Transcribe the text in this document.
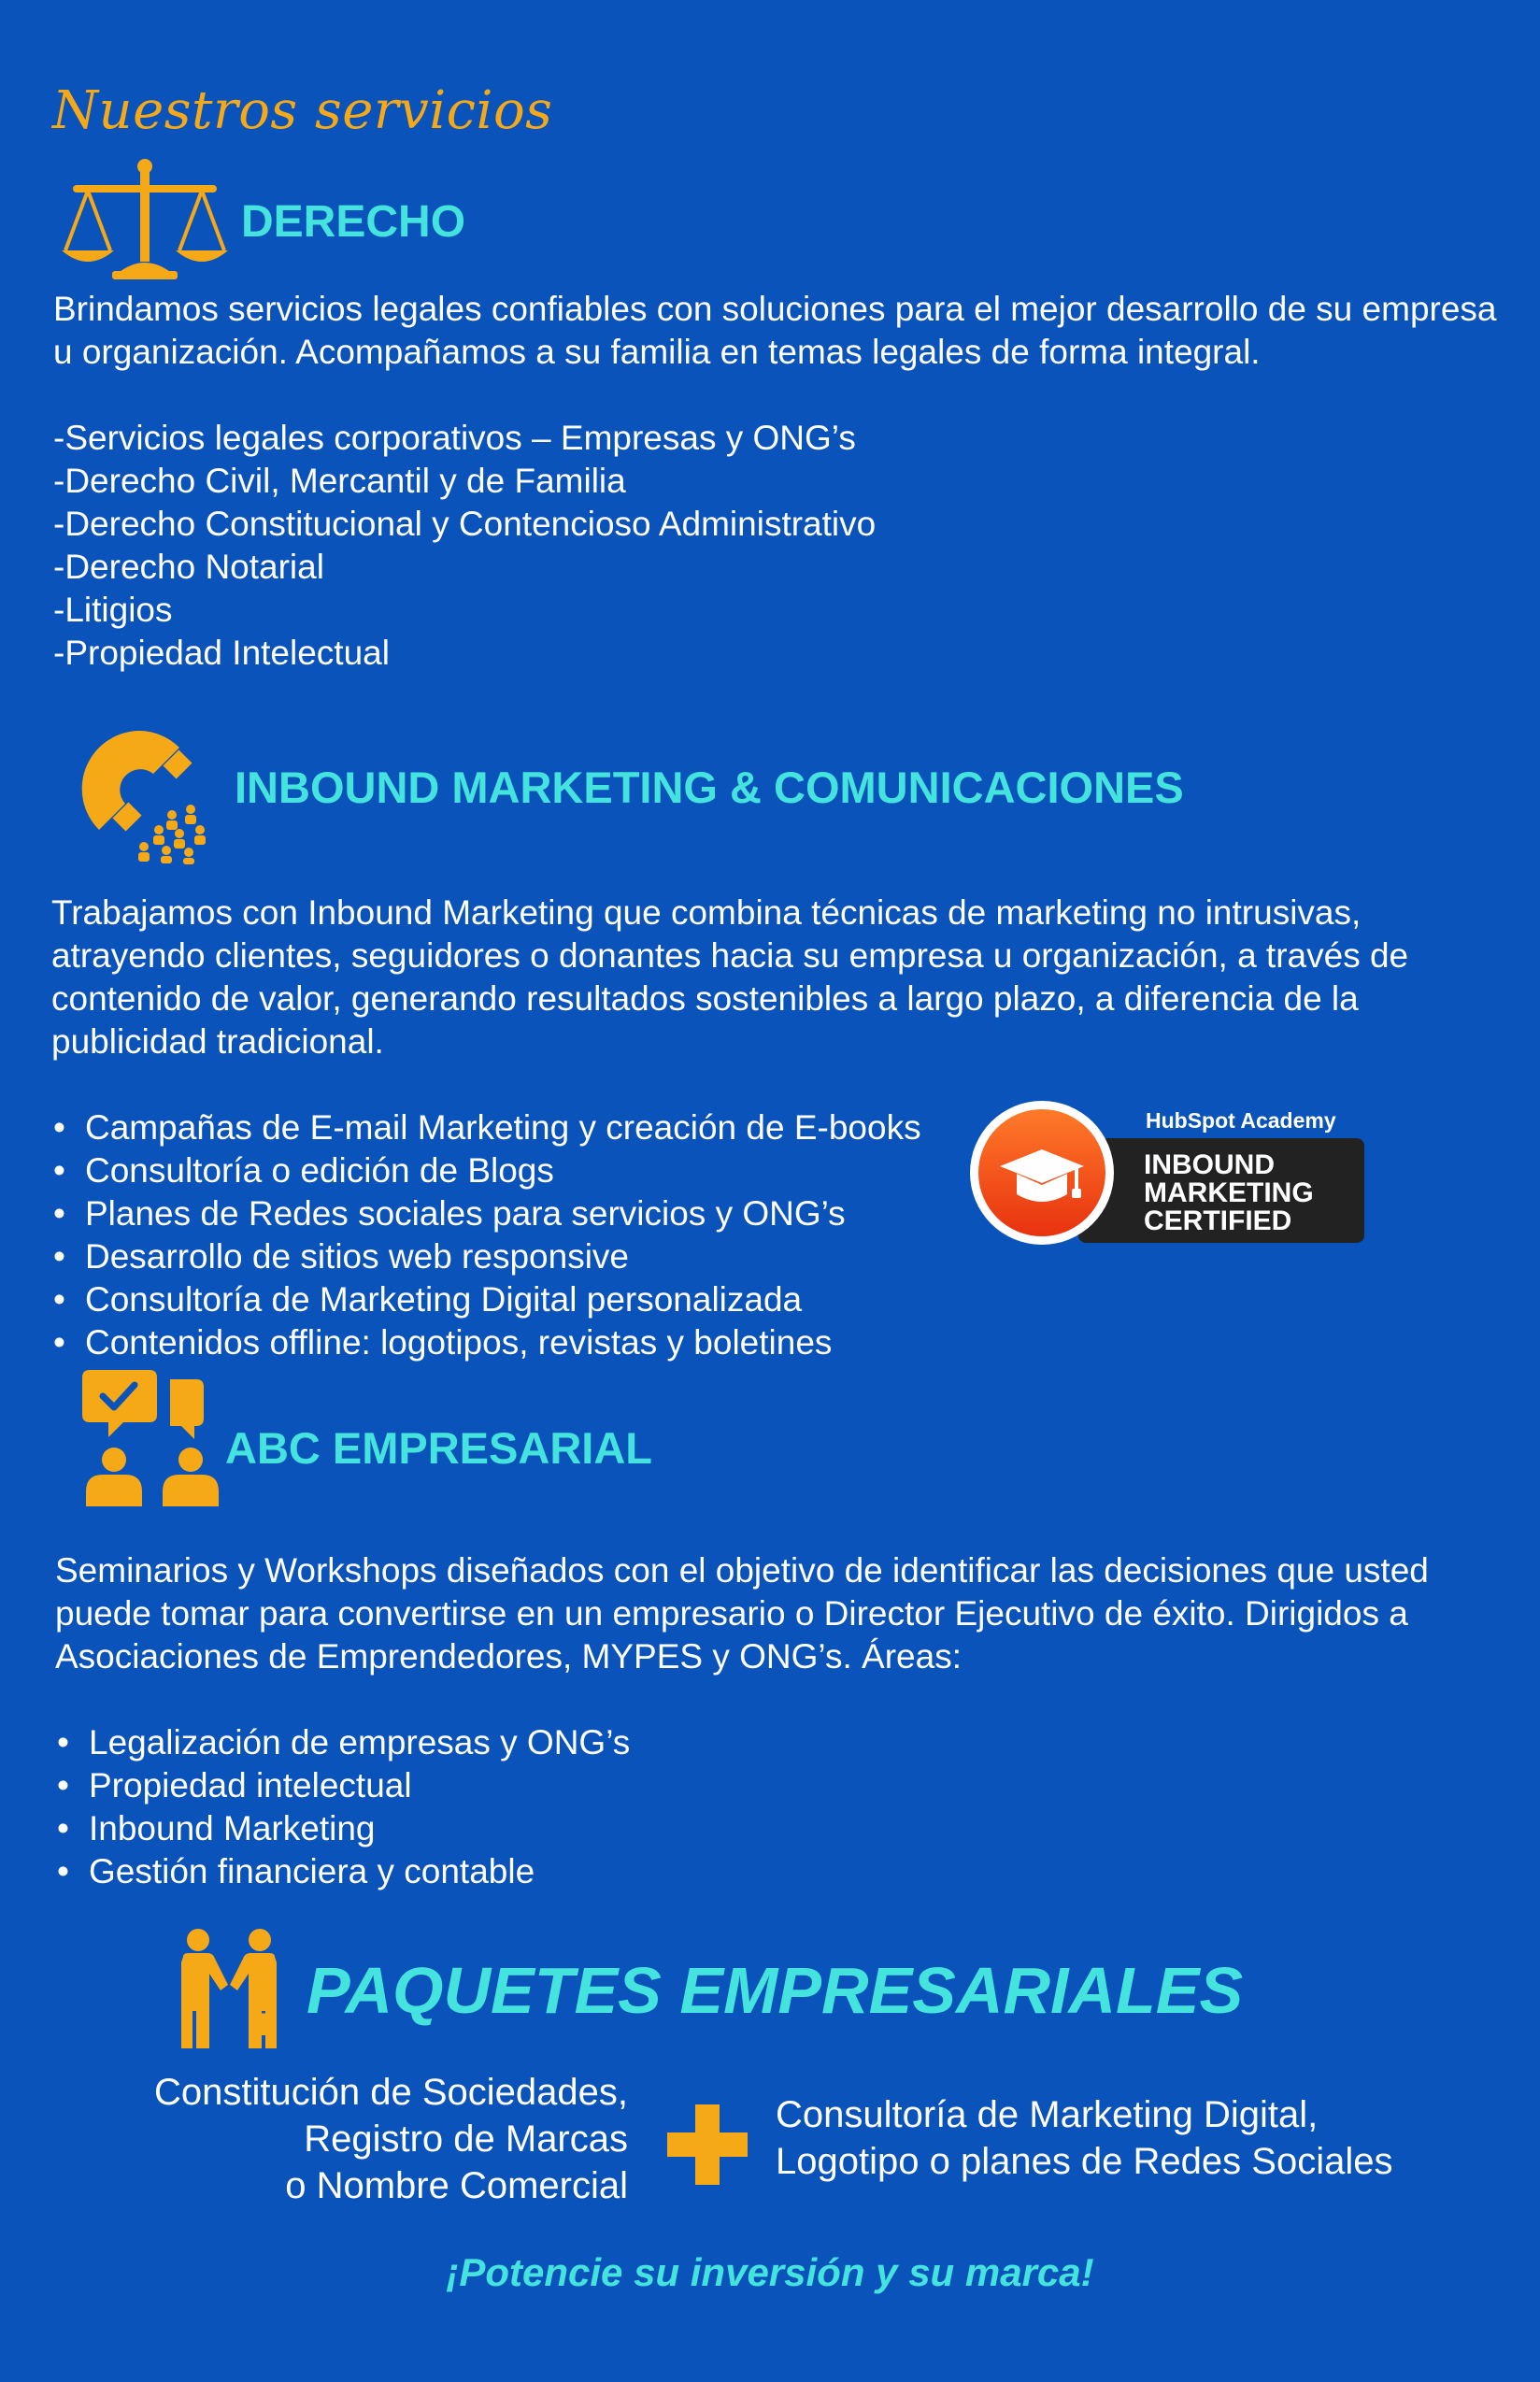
Nuestros servicios
DERECHO

Brindamos servicios legales confiables con soluciones para el mejor desarrollo de su empresa u organización. Acompañamos a su familia en temas legales de forma integral.

-Servicios legales corporativos – Empresas y ONG’s
-Derecho Civil, Mercantil y de Familia
-Derecho Constitucional y Contencioso Administrativo
-Derecho Notarial
-Litigios
-Propiedad Intelectual
INBOUND MARKETING & COMUNICACIONES

Trabajamos con Inbound Marketing que combina técnicas de marketing no intrusivas, atrayendo clientes, seguidores o donantes hacia su empresa u organización, a través de contenido de valor, generando resultados sostenibles a largo plazo, a diferencia de la publicidad tradicional.

• Campañas de E-mail Marketing y creación de E-books
• Consultoría o edición de Blogs
• Planes de Redes sociales para servicios y ONG’s
• Desarrollo de sitios web responsive
• Consultoría de Marketing Digital personalizada
• Contenidos offline: logotipos, revistas y boletines
HubSpot Academy
INBOUND
MARKETING
CERTIFIED
ABC EMPRESARIAL

Seminarios y Workshops diseñados con el objetivo de identificar las decisiones que usted puede tomar para convertirse en un empresario o Director Ejecutivo de éxito. Dirigidos a Asociaciones de Emprendedores, MYPES y ONG’s. Áreas:

• Legalización de empresas y ONG’s
• Propiedad intelectual
• Inbound Marketing
• Gestión financiera y contable
PAQUETES EMPRESARIALES
Constitución de Sociedades,
Registro de Marcas
o Nombre Comercial
Consultoría de Marketing Digital,
Logotipo o planes de Redes Sociales
¡Potencie su inversión y su marca!
